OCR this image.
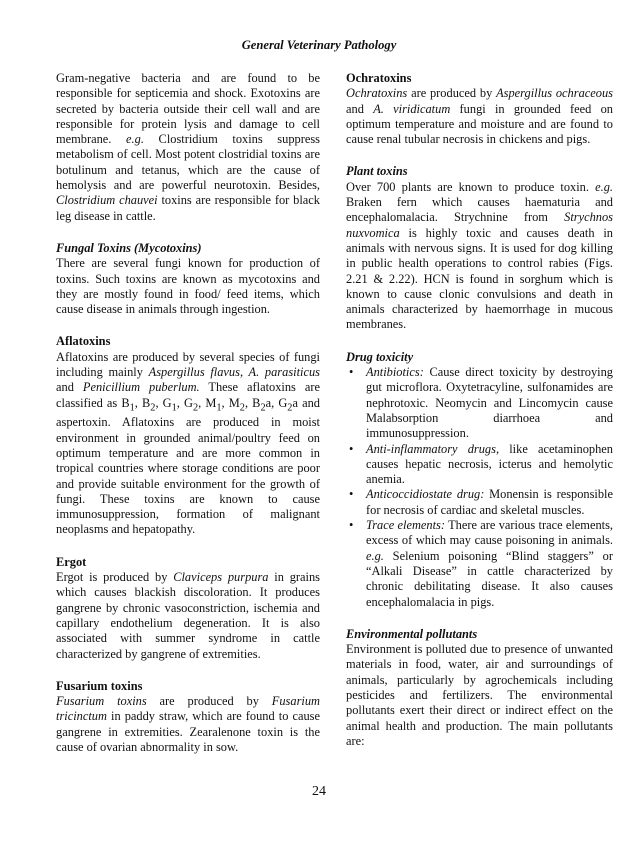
General Veterinary Pathology

Gram-negative bacteria and are found to be responsible for septicemia and shock. Exotoxins are secreted by bacteria outside their cell wall and are responsible for protein lysis and damage to cell membrane. e.g. Clostridium toxins suppress metabolism of cell. Most potent clostridial toxins are botulinum and tetanus, which are the cause of hemolysis and are powerful neurotoxin. Besides, Clostridium chauvei toxins are responsible for black leg disease in cattle.

Fungal Toxins (Mycotoxins)

There are several fungi known for production of toxins. Such toxins are known as mycotoxins and they are mostly found in food/ feed items, which cause disease in animals through ingestion.

Aflatoxins

Aflatoxins are produced by several species of fungi including mainly Aspergillus flavus, A. parasiticus and Penicillium puberlum. These aflatoxins are classified as $B_1$, $B_2$, $G_1$, $G_2$, $M_1$, $M_2$, $B_2a$, $G_2a$ and aspertoxin. Aflatoxins are produced in moist environment in grounded animal/poultry feed on optimum temperature and are more common in tropical countries where storage conditions are poor and provide suitable environment for the growth of fungi. These toxins are known to cause immunosuppression, formation of malignant neoplasms and hepatopathy.

Ergot

Ergot is produced by Claviceps purpura in grains which causes blackish discoloration. It produces gangrene by chronic vasoconstriction, ischemia and capillary endothelium degeneration. It is also associated with summer syndrome in cattle characterized by gangrene of extremities.

Fusarium toxins

Fusarium toxins are produced by Fusarium tricinctum in paddy straw, which are found to cause gangrene in extremities. Zearalenone toxin is the cause of ovarian abnormality in sow.

Ochratoxins

Ochratoxins are produced by Aspergillus ochraceous and A. viridicatum fungi in grounded feed on optimum temperature and moisture and are found to cause renal tubular necrosis in chickens and pigs.

Plant toxins

Over 700 plants are known to produce toxin. e.g. Braken fern which causes haematuria and encephalomalacia. Strychnine from Strychnos nuxvomica is highly toxic and causes death in animals with nervous signs. It is used for dog killing in public health operations to control rabies (Figs. 2.21 & 2.22). HCN is found in sorghum which is known to cause clonic convulsions and death in animals characterized by haemorrhage in mucous membranes.

Drug toxicity

• Antibiotics: Cause direct toxicity by destroying gut microflora. Oxytetracyline, sulfonamides are nephrotoxic. Neomycin and Lincomycin cause Malabsorption diarrhoea and immunosuppression.
• Anti-inflammatory drugs, like acetaminophen causes hepatic necrosis, icterus and hemolytic anemia.
• Anticoccidiostate drug: Monensin is responsible for necrosis of cardiac and skeletal muscles.
• Trace elements: There are various trace elements, excess of which may cause poisoning in animals. e.g. Selenium poisoning “Blind staggers” or “Alkali Disease” in cattle characterized by chronic debilitating disease. It also causes encephalomalacia in pigs.

Environmental pollutants

Environment is polluted due to presence of unwanted materials in food, water, air and surroundings of animals, particularly by agrochemicals including pesticides and fertilizers. The environmental pollutants exert their direct or indirect effect on the animal health and production. The main pollutants are:

24
